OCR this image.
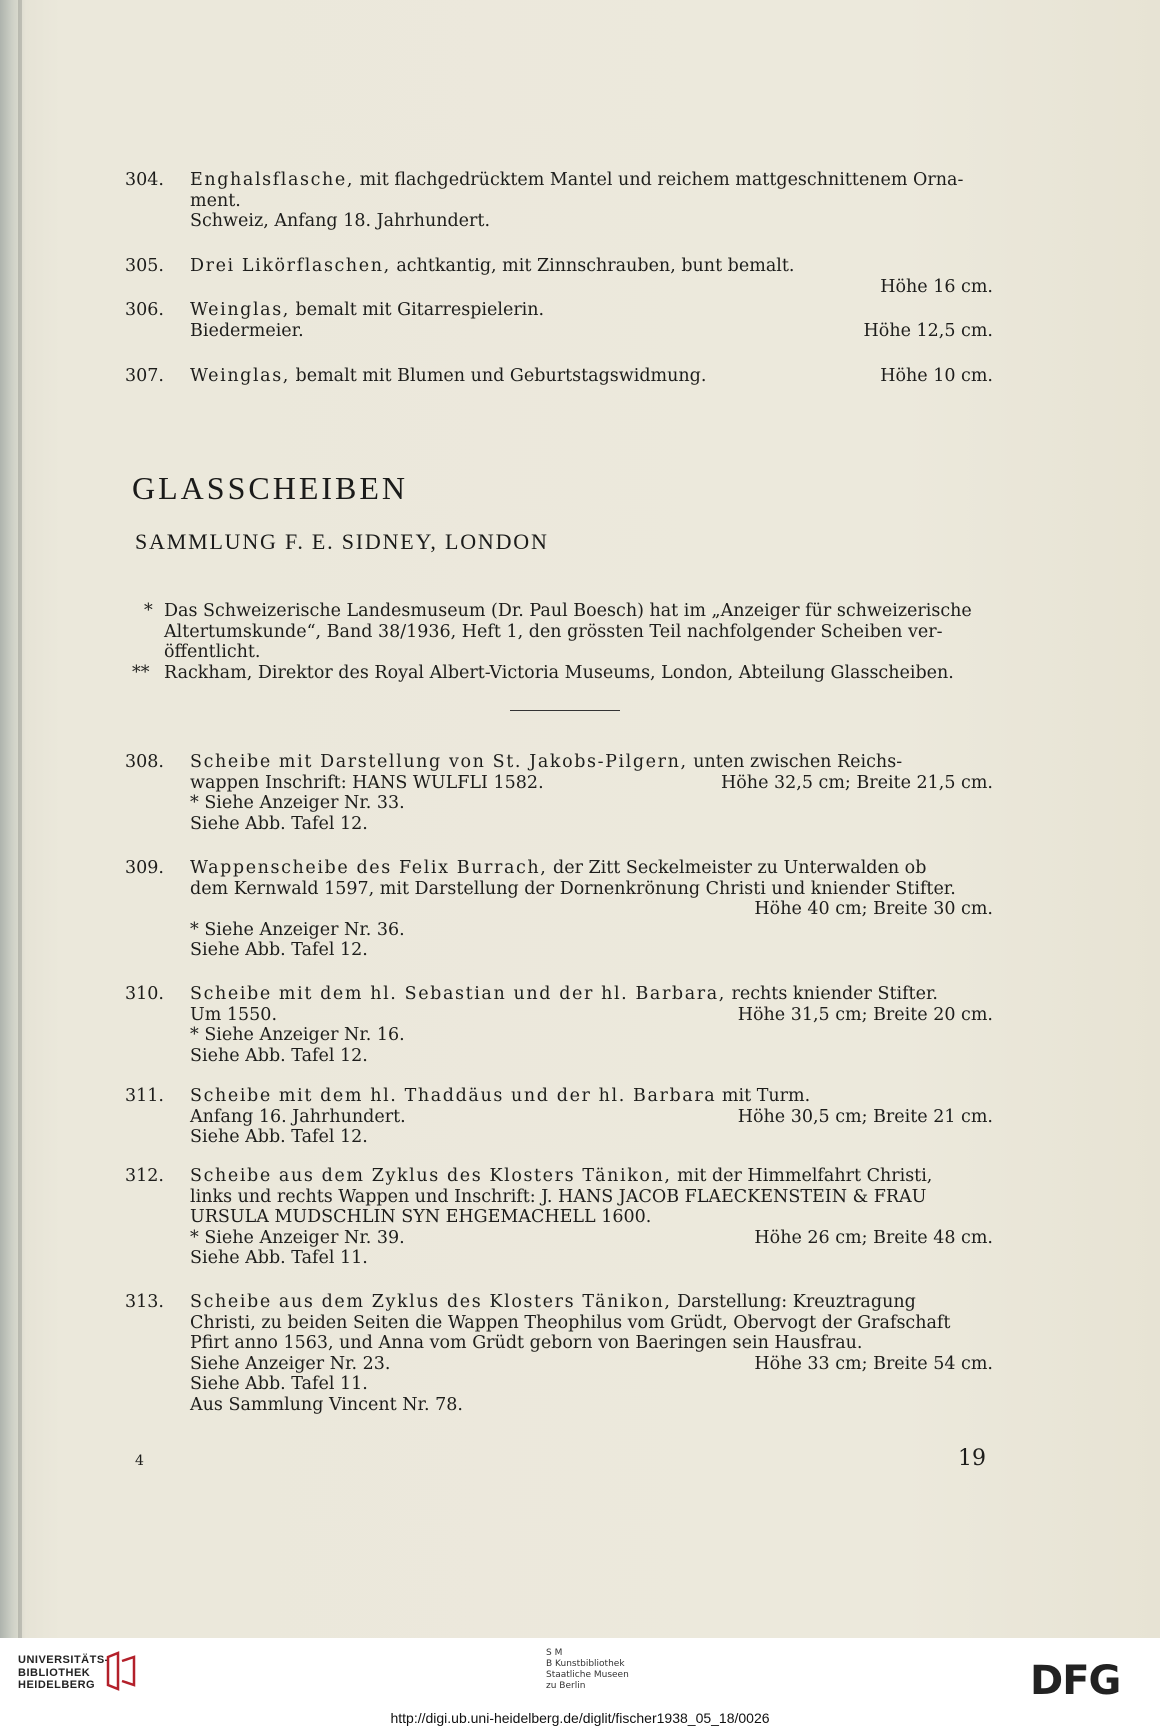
304.	Enghalsflasche, mit flachgedrücktem Mantel und reichem mattgeschnittenem Orna-
ment.
Schweiz, Anfang 18. Jahrhundert.
305.	Drei Likörflaschen, achtkantig, mit Zinnschrauben, bunt bemalt.
Höhe 16 cm.

306.	Weinglas, bemalt mit Gitarrespielerin.
Biedermeier.	Höhe 12,5 cm.
307.	Weinglas, bemalt mit Blumen und Geburtstagswidmung.	Höhe 10 cm.
GLASSCHEIBEN
SAMMLUNG F. E. SIDNEY, LONDON
* Das Schweizerische Landesmuseum (Dr. Paul Boesch) hat im „Anzeiger für schweizerische
Altertumskunde“, Band 38/1936, Heft 1, den grössten Teil nachfolgender Scheiben ver-
öffentlicht.
** Rackham, Direktor des Royal Albert-Victoria Museums, London, Abteilung Glasscheiben.
308.	Scheibe mit Darstellung von St. Jakobs-Pilgern, unten zwischen Reichs-
wappen Inschrift: HANS WULFLI 1582.	Höhe 32,5 cm; Breite 21,5 cm.
* Siehe Anzeiger Nr. 33.
Siehe Abb. Tafel 12.
309.	Wappenscheibe des Felix Burrach, der Zitt Seckelmeister zu Unterwalden ob
dem Kernwald 1597, mit Darstellung der Dornenkrönung Christi und kniender Stifter.
Höhe 40 cm; Breite 30 cm.

* Siehe Anzeiger Nr. 36.
Siehe Abb. Tafel 12.
310.	Scheibe mit dem hl. Sebastian und der hl. Barbara, rechts kniender Stifter.
Um 1550.	Höhe 31,5 cm; Breite 20 cm.
* Siehe Anzeiger Nr. 16.
Siehe Abb. Tafel 12.
311.	Scheibe mit dem hl. Thaddäus und der hl. Barbara mit Turm.
Anfang 16. Jahrhundert.	Höhe 30,5 cm; Breite 21 cm.
Siehe Abb. Tafel 12.
312.	Scheibe aus dem Zyklus des Klosters Tänikon, mit der Himmelfahrt Christi,
links und rechts Wappen und Inschrift: J. HANS JACOB FLAECKENSTEIN & FRAU
URSULA MUDSCHLIN SYN EHGEMACHELL 1600.
* Siehe Anzeiger Nr. 39.	Höhe 26 cm; Breite 48 cm.
Siehe Abb. Tafel 11.
313.	Scheibe aus dem Zyklus des Klosters Tänikon, Darstellung: Kreuztragung
Christi, zu beiden Seiten die Wappen Theophilus vom Grüdt, Obervogt der Grafschaft
Pfirt anno 1563, und Anna vom Grüdt geborn von Baeringen sein Hausfrau.
Siehe Anzeiger Nr. 23.	Höhe 33 cm; Breite 54 cm.
Siehe Abb. Tafel 11.
Aus Sammlung Vincent Nr. 78.
4	19
UNIVERSITÄTS-
BIBLIOTHEK
HEIDELBERG
S M
B Kunstbibliothek
Staatliche Museen
zu Berlin	DFG
http://digi.ub.uni-heidelberg.de/diglit/fischer1938_05_18/0026
